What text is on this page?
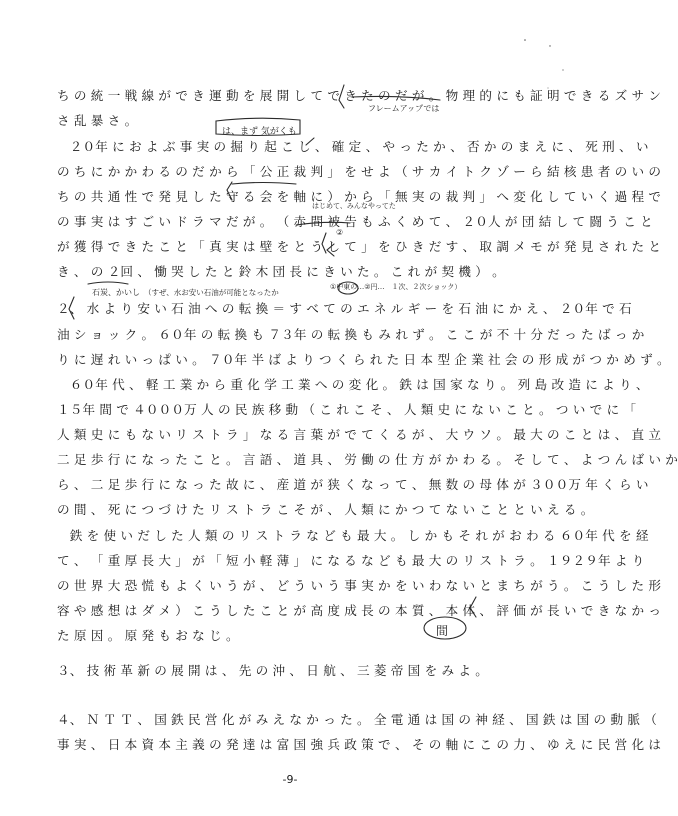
ち の 統 一 戦 線 が で き 運 動 を 展 開 し て で き た の だ が 。 物 理 的 に も 証 明 で き る ズ サ ン
さ 乱 暴 さ 。
　２０年 に お よ ぶ 事 実 の 掘 り 起 こ し 、 確 定 、 や っ た か 、 否 か の ま え に 、 死 刑 、 い
の ち に か か わ る の だ か ら 「 公 正 裁 判 」 を せ よ （ サ カ イ ト ク ゾ ー ら 結 核 患 者 の い の
ち の 共 通 性 で 発 見 し た 守 る 会 を 軸 に ） か ら 「 無 実 の 裁 判 」 へ 変 化 し て い く 過 程 で
の 事 実 は す ご い ド ラ マ だ が 。 （ 赤 間 被 告 も ふ く め て 、 ２０人 が 団 結 し て 闘 う こ と
が 獲 得 で き た こ と 「 真 実 は 壁 を と う し て 」 を ひ き だ す 、 取 調 メ モ が 発 見 さ れ た と
き 、 の ２回 、 慟 哭 し た と 鈴 木 団 長 に き い た 。 こ れ が 契 機 ） 。
２、 水 よ り 安 い 石 油 へ の 転 換 ＝ す べ て の エ ネ ル ギ ー を 石 油 に か え 、 ２０年 で 石
油 シ ョ ッ ク 。 ６０年 の 転 換 も ７３年 の 転 換 も み れ ず 。 こ こ が 不 十 分 だ っ た ば っ か
り に 遅 れ い っ ぱ い 。 ７０年 半 ば よ り つ く ら れ た 日 本 型 企 業 社 会 の 形 成 が つ か め ず 。
　６０年 代 、 軽 工 業 か ら 重 化 学 工 業 へ の 変 化 。 鉄 は 国 家 な り 。 列 島 改 造 に よ り 、
１５年 間 で ４０００万 人 の 民 族 移 動 （ こ れ こ そ 、 人 類 史 に な い こ と 。 つ い で に 「
人 類 史 に も な い リ ス ト ラ 」 な る 言 葉 が で て く る が 、 大 ウ ソ 。 最 大 の こ と は 、 直 立
二 足 歩 行 に な っ た こ と 。 言 語 、 道 具 、 労 働 の 仕 方 が か わ る 。 そ し て 、 よ つ ん ば い か
ら 、 二 足 歩 行 に な っ た 故 に 、 産 道 が 狭 く な っ て 、 無 数 の 母 体 が ３００万 年 く ら い
の 間 、 死 に つ づ け た リ ス ト ラ こ そ が 、 人 類 に か つ て な い こ と と い え る 。
　鉄 を 使 い だ し た 人 類 の リ ス ト ラ な ど も 最 大 。 し か も そ れ が お わ る ６０年 代 を 経
て 、 「 重 厚 長 大 」 が 「 短 小 軽 薄 」 に な る な ど も 最 大 の リ ス ト ラ 。 １９２９年 よ り
の 世 界 大 恐 慌 も よ く い う が 、 ど う い う 事 実 か を い わ な い と ま ち が う 。 こ う し た 形
容 や 感 想 は ダ メ ） こ う し た こ と が 高 度 成 長 の 本 質 、 本 体 、 評 価 が 長 い で き な か っ
た 原 因 。 原 発 も お な じ 。
３、 技 術 革 新 の 展 開 は 、 先 の 沖 、 日 航 、 三 菱 帝 国 を み よ 。
４、 Ｎ Ｔ Ｔ 、 国 鉄 民 営 化 が み え な か っ た 。 全 電 通 は 国 の 神 経 、 国 鉄 は 国 の 動 脈 （
事 実 、 日 本 資 本 主 義 の 発 達 は 富 国 強 兵 政 策 で 、 そ の 軸 に こ の 力 、 ゆ え に 民 営 化 は
フレームアップでは
は、まず 気がくも
はじめて、みんなやってた
②
石炭、かいし （すぜ、水お安い石油が可能となったか
①中東の…②円…　１次、２次ショック）
間
-9-
